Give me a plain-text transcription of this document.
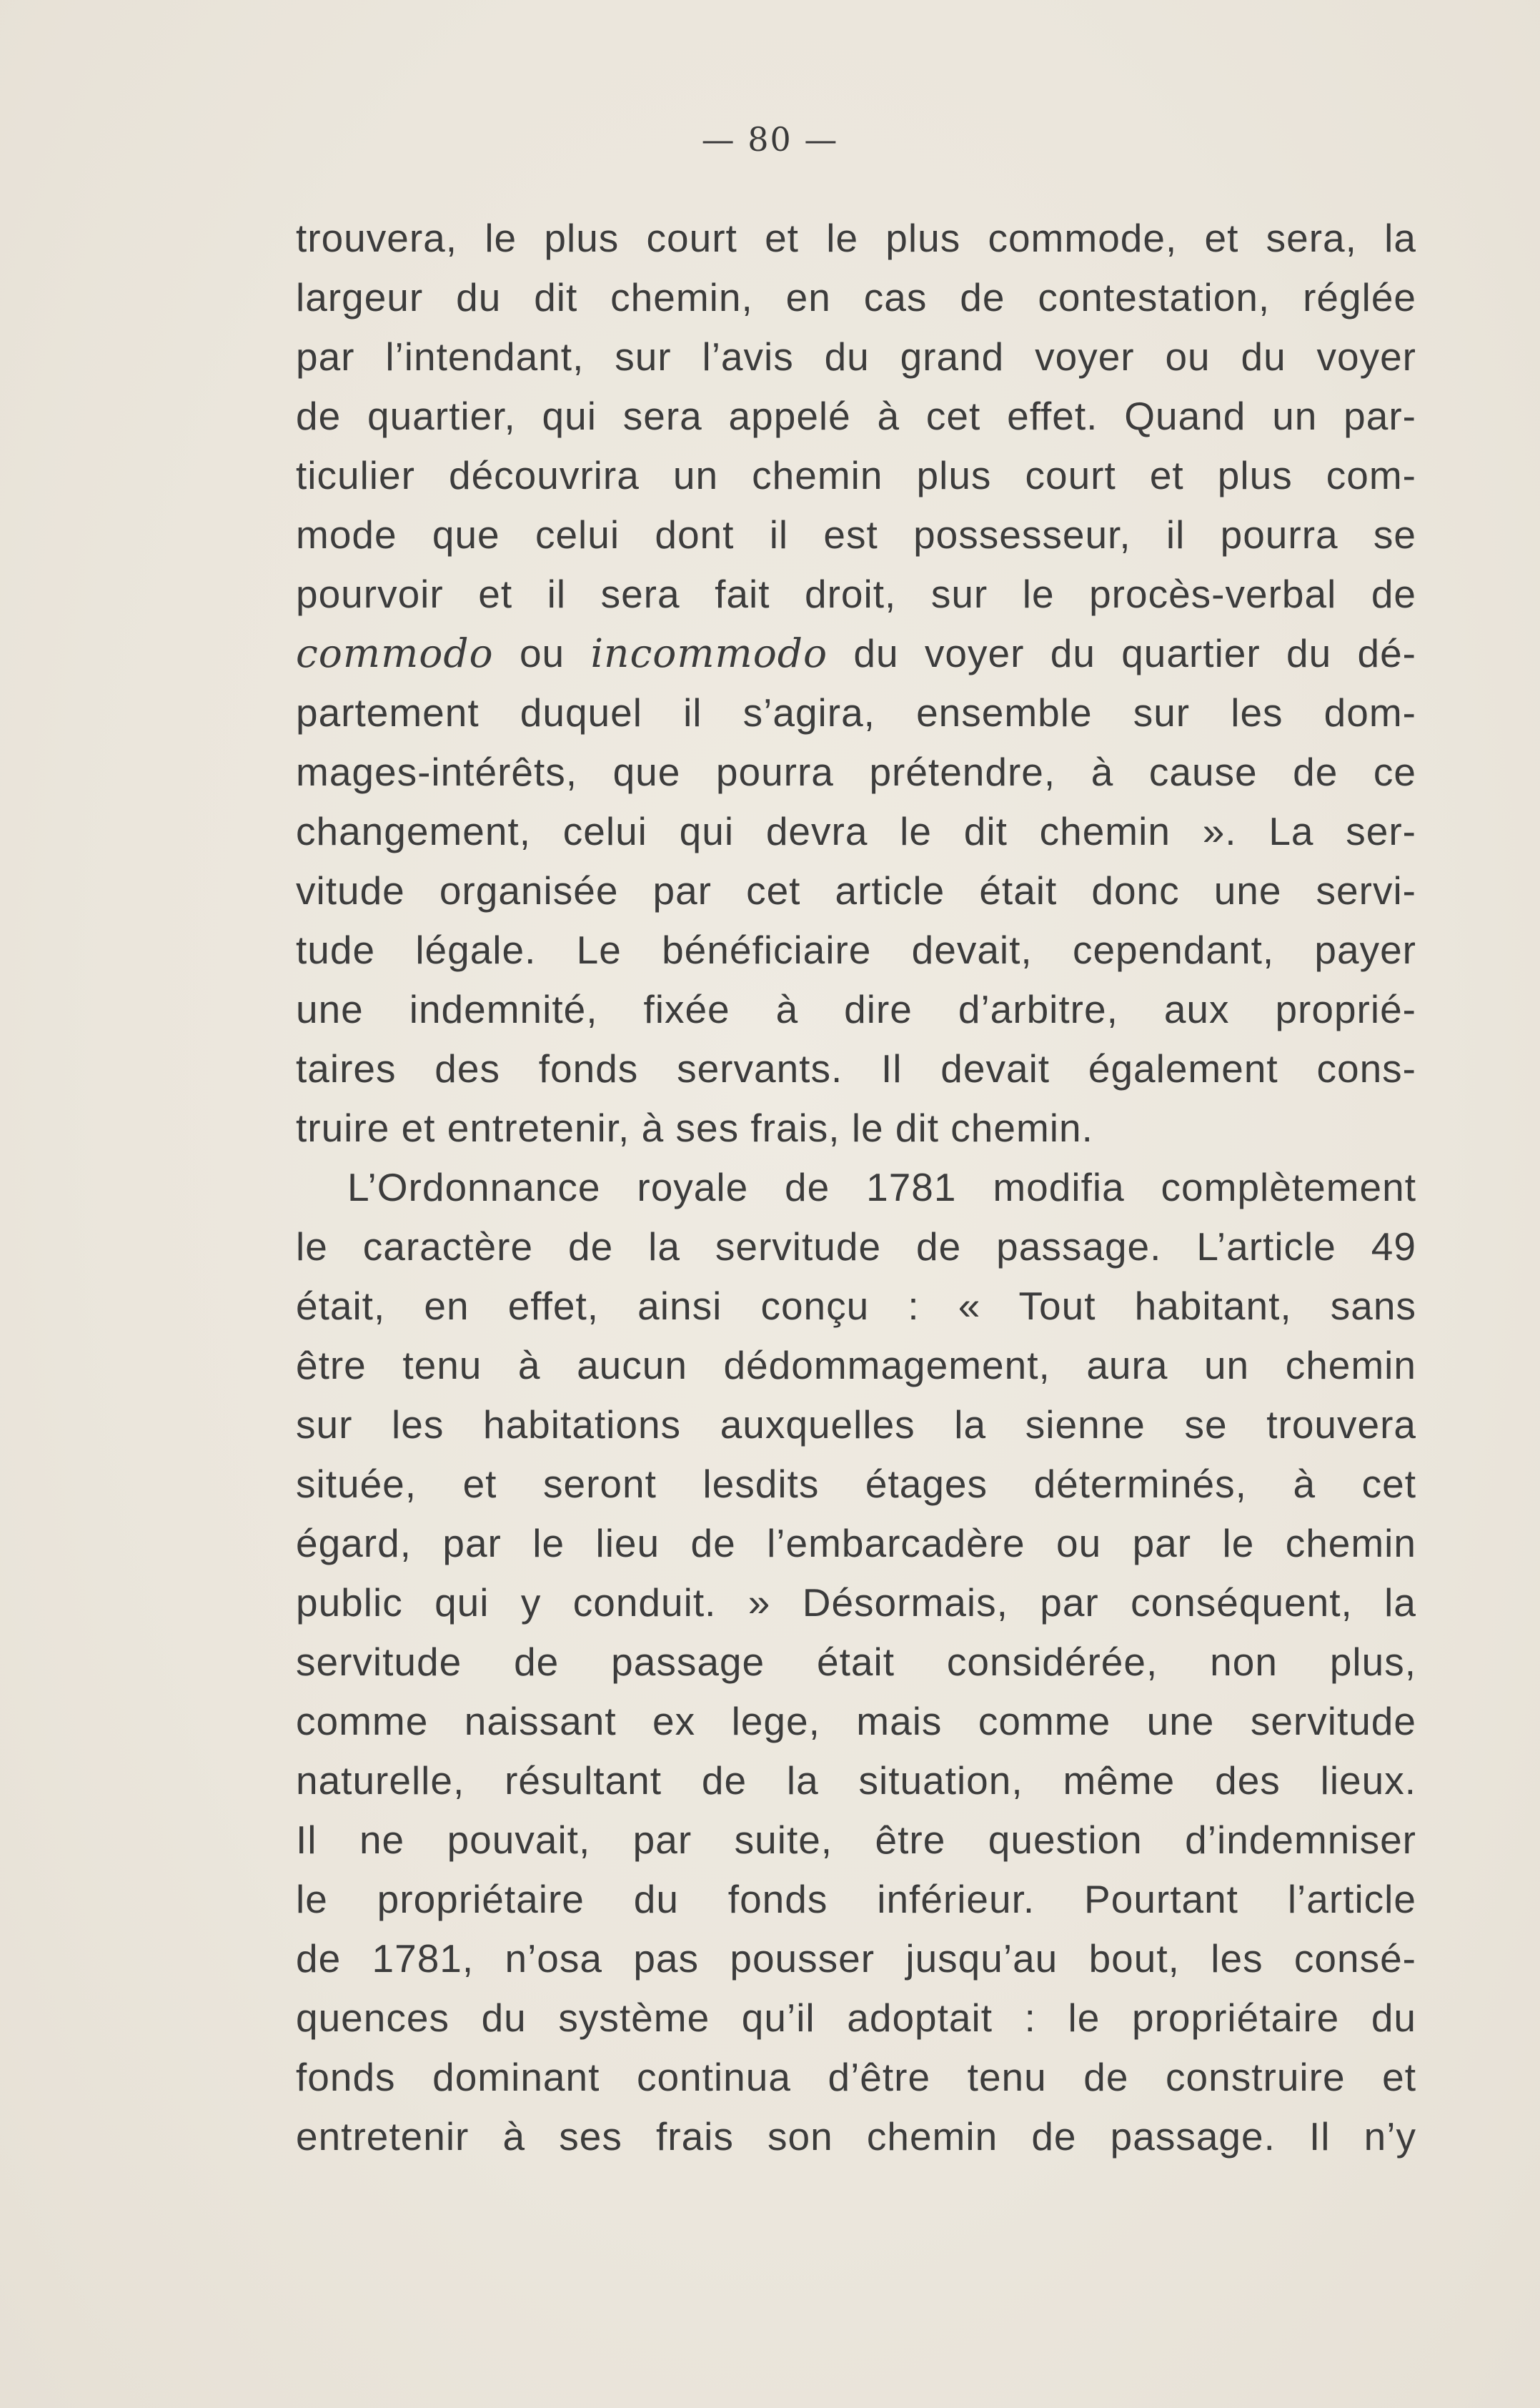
— 80 —
trouvera, le plus court et le plus commode, et sera, la
largeur du dit chemin, en cas de contestation, réglée
par l’intendant, sur l’avis du grand voyer ou du voyer
de quartier, qui sera appelé à cet effet. Quand un par-
ticulier découvrira un chemin plus court et plus com-
mode que celui dont il est possesseur, il pourra se
pourvoir et il sera fait droit, sur le procès-verbal de
commodo ou incommodo du voyer du quartier du dé-
partement duquel il s’agira, ensemble sur les dom-
mages-intérêts, que pourra prétendre, à cause de ce
changement, celui qui devra le dit chemin ». La ser-
vitude organisée par cet article était donc une servi-
tude légale. Le bénéficiaire devait, cependant, payer
une indemnité, fixée à dire d’arbitre, aux proprié-
taires des fonds servants. Il devait également cons-
truire et entretenir, à ses frais, le dit chemin.
L’Ordonnance royale de 1781 modifia complètement
le caractère de la servitude de passage. L’article 49
était, en effet, ainsi conçu : « Tout habitant, sans
être tenu à aucun dédommagement, aura un chemin
sur les habitations auxquelles la sienne se trouvera
située, et seront lesdits étages déterminés, à cet
égard, par le lieu de l’embarcadère ou par le chemin
public qui y conduit. » Désormais, par conséquent, la
servitude de passage était considérée, non plus,
comme naissant ex lege, mais comme une servitude
naturelle, résultant de la situation, même des lieux.
Il ne pouvait, par suite, être question d’indemniser
le propriétaire du fonds inférieur. Pourtant l’article
de 1781, n’osa pas pousser jusqu’au bout, les consé-
quences du système qu’il adoptait : le propriétaire du
fonds dominant continua d’être tenu de construire et
entretenir à ses frais son chemin de passage. Il n’y
